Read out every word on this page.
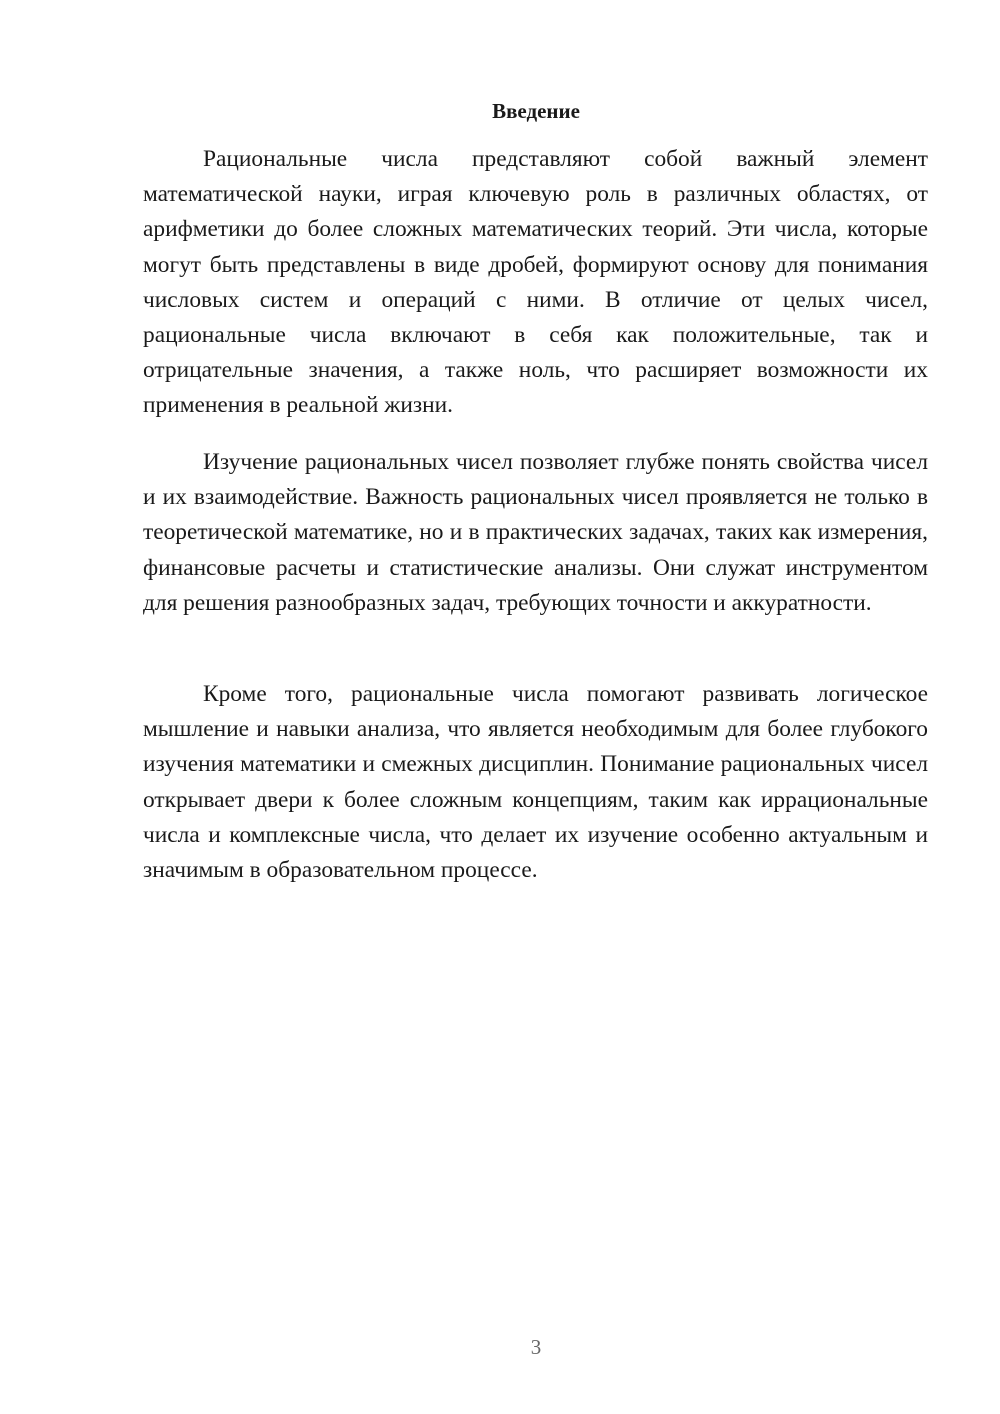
Введение

Рациональные числа представляют собой важный элемент математической науки, играя ключевую роль в различных областях, от арифметики до более сложных математических теорий. Эти числа, которые могут быть представлены в виде дробей, формируют основу для понимания числовых систем и операций с ними. В отличие от целых чисел, рациональные числа включают в себя как положительные, так и отрицательные значения, а также ноль, что расширяет возможности их применения в реальной жизни.

Изучение рациональных чисел позволяет глубже понять свойства чисел и их взаимодействие. Важность рациональных чисел проявляется не только в теоретической математике, но и в практических задачах, таких как измерения, финансовые расчеты и статистические анализы. Они служат инструментом для решения разнообразных задач, требующих точности и аккуратности.

Кроме того, рациональные числа помогают развивать логическое мышление и навыки анализа, что является необходимым для более глубокого изучения математики и смежных дисциплин. Понимание рациональных чисел открывает двери к более сложным концепциям, таким как иррациональные числа и комплексные числа, что делает их изучение особенно актуальным и значимым в образовательном процессе.

3
